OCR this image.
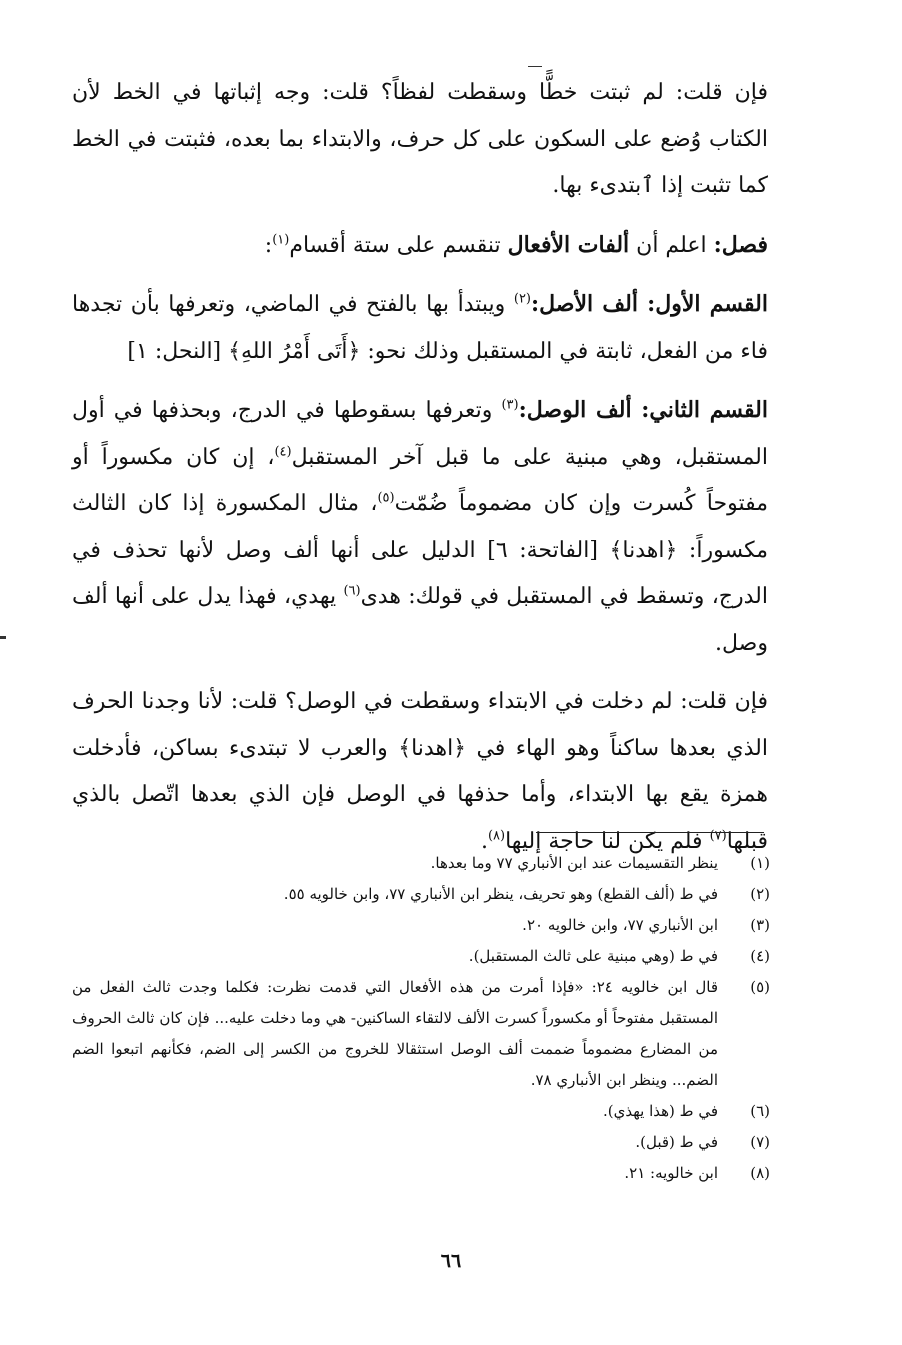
فإن قلت: لم ثبتت خطًّا وسقطت لفظاً؟ قلت: وجه إثباتها في الخط لأن الكتاب وُضع على السكون على كل حرف، والابتداء بما بعده، فثبتت في الخط كما تثبت إذا ٱبتدىء بها.

فصل: اعلم أن ألفات الأفعال تنقسم على ستة أقسام$^{(١)}$:

القسم الأول: ألف الأصل:$^{(٢)}$ ويبتدأ بها بالفتح في الماضي، وتعرفها بأن تجدها فاء من الفعل، ثابتة في المستقبل وذلك نحو: ﴿أَتَى أَمْرُ اللهِ﴾ [النحل: ١]

القسم الثاني: ألف الوصل:$^{(٣)}$ وتعرفها بسقوطها في الدرج، وبحذفها في أول المستقبل، وهي مبنية على ما قبل آخر المستقبل$^{(٤)}$، إن كان مكسوراً أو مفتوحاً كُسرت وإن كان مضموماً ضُمّت$^{(٥)}$، مثال المكسورة إذا كان الثالث مكسوراً: ﴿اهدنا﴾ [الفاتحة: ٦] الدليل على أنها ألف وصل لأنها تحذف في الدرج، وتسقط في المستقبل في قولك: هدى$^{(٦)}$ يهدي، فهذا يدل على أنها ألف وصل.

فإن قلت: لم دخلت في الابتداء وسقطت في الوصل؟ قلت: لأنا وجدنا الحرف الذي بعدها ساكناً وهو الهاء في ﴿اهدنا﴾ والعرب لا تبتدىء بساكن، فأدخلت همزة يقع بها الابتداء، وأما حذفها في الوصل فإن الذي بعدها اتّصل بالذي قبلها$^{(٧)}$ فلم يكن لنا حاجة إليها$^{(٨)}$.

(١)
ينظر التقسيمات عند ابن الأنباري ٧٧ وما بعدها.
(٢)
في ط (ألف القطع) وهو تحريف، ينظر ابن الأنباري ٧٧، وابن خالويه ٥٥.
(٣)
ابن الأنباري ٧٧، وابن خالويه ٢٠.
(٤)
في ط (وهي مبنية على ثالث المستقبل).
(٥)
قال ابن خالويه ٢٤: «فإذا أمرت من هذه الأفعال التي قدمت نظرت: فكلما وجدت ثالث الفعل من المستقبل مفتوحاً أو مكسوراً كسرت الألف لالتقاء الساكنين- هي وما دخلت عليه... فإن كان ثالث الحروف من المضارع مضموماً ضممت ألف الوصل استثقالا للخروج من الكسر إلى الضم، فكأنهم اتبعوا الضم الضم... وينظر ابن الأنباري ٧٨.
(٦)
في ط (هذا يهذي).
(٧)
في ط (قبل).
(٨)
ابن خالويه: ٢١.
٦٦
